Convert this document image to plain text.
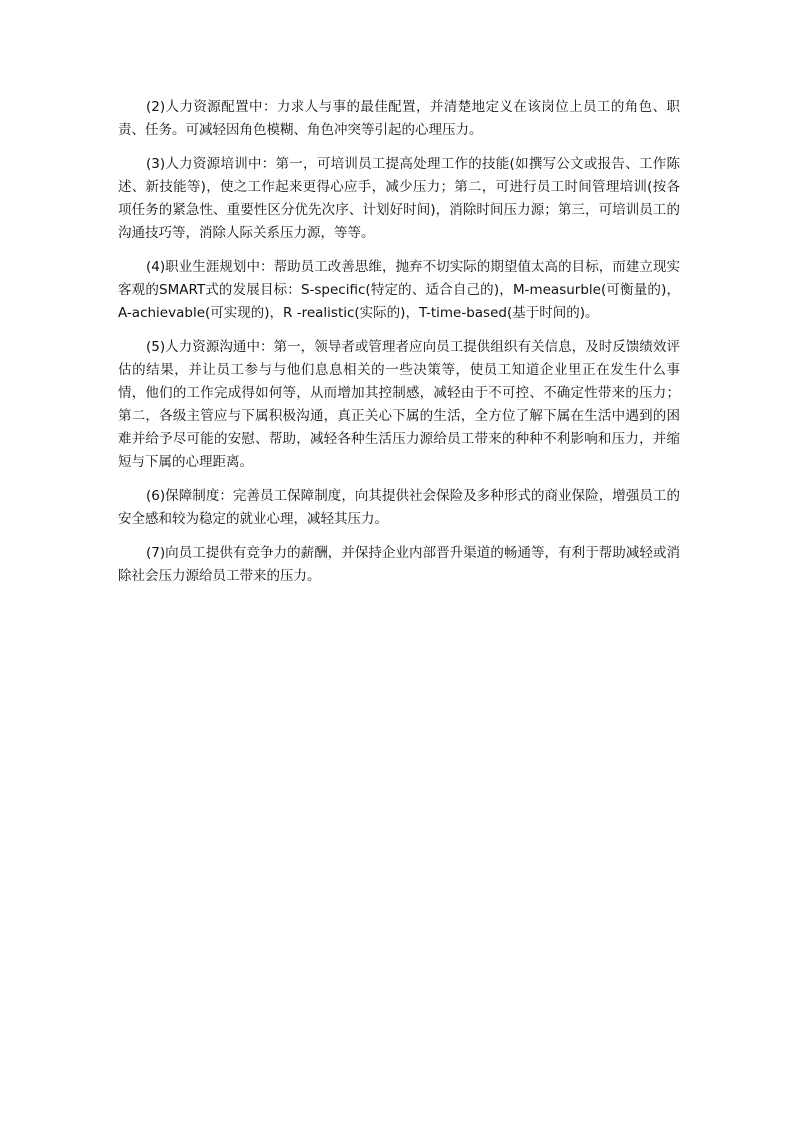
(2)人力资源配置中：力求人与事的最佳配置，并清楚地定义在该岗位上员工的角色、职责、任务。可减轻因角色模糊、角色冲突等引起的心理压力。

(3)人力资源培训中：第一，可培训员工提高处理工作的技能(如撰写公文或报告、工作陈述、新技能等)，使之工作起来更得心应手，减少压力；第二，可进行员工时间管理培训(按各项任务的紧急性、重要性区分优先次序、计划好时间)，消除时间压力源；第三，可培训员工的沟通技巧等，消除人际关系压力源，等等。

(4)职业生涯规划中：帮助员工改善思维，抛弃不切实际的期望值太高的目标，而建立现实客观的SMART式的发展目标：S-specific(特定的、适合自己的)，M-measurble(可衡量的)，A-achievable(可实现的)，R -realistic(实际的)，T-time-based(基于时间的)。

(5)人力资源沟通中：第一，领导者或管理者应向员工提供组织有关信息，及时反馈绩效评估的结果，并让员工参与与他们息息相关的一些决策等，使员工知道企业里正在发生什么事情，他们的工作完成得如何等，从而增加其控制感，减轻由于不可控、不确定性带来的压力；第二，各级主管应与下属积极沟通，真正关心下属的生活，全方位了解下属在生活中遇到的困难并给予尽可能的安慰、帮助，减轻各种生活压力源给员工带来的种种不利影响和压力，并缩短与下属的心理距离。

(6)保障制度：完善员工保障制度，向其提供社会保险及多种形式的商业保险，增强员工的安全感和较为稳定的就业心理，减轻其压力。

(7)向员工提供有竞争力的薪酬，并保持企业内部晋升渠道的畅通等，有利于帮助减轻或消除社会压力源给员工带来的压力。
